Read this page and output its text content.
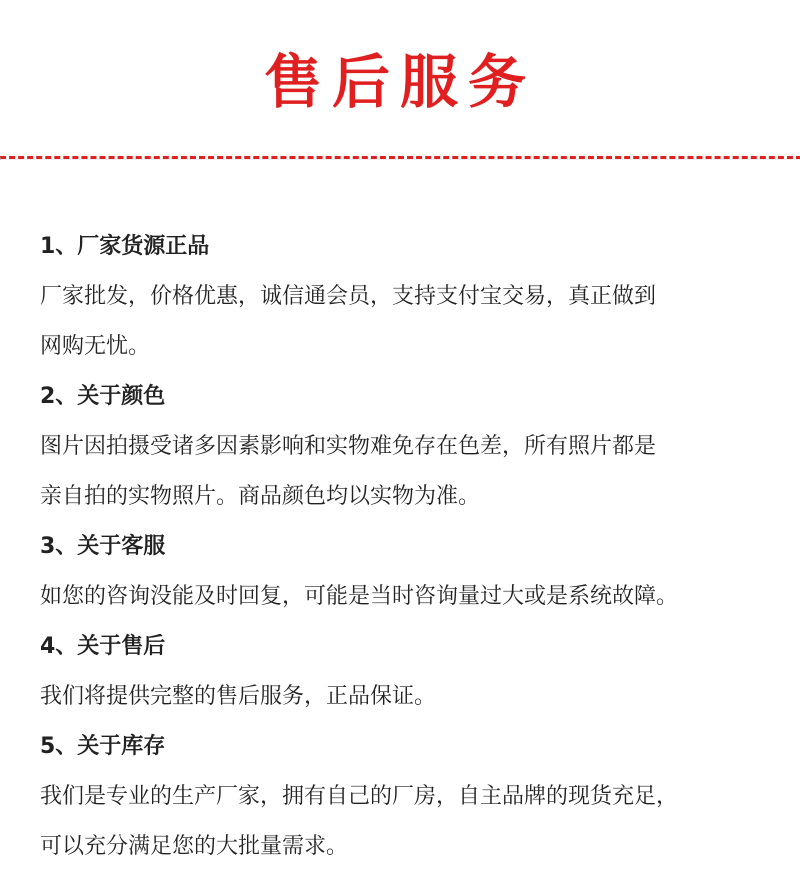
售后服务
1、厂家货源正品
厂家批发，价格优惠，诚信通会员，支持支付宝交易，真正做到
网购无忧。
2、关于颜色
图片因拍摄受诸多因素影响和实物难免存在色差，所有照片都是
亲自拍的实物照片。商品颜色均以实物为准。
3、关于客服
如您的咨询没能及时回复，可能是当时咨询量过大或是系统故障。
4、关于售后
我们将提供完整的售后服务，正品保证。
5、关于库存
我们是专业的生产厂家，拥有自己的厂房，自主品牌的现货充足，
可以充分满足您的大批量需求。
